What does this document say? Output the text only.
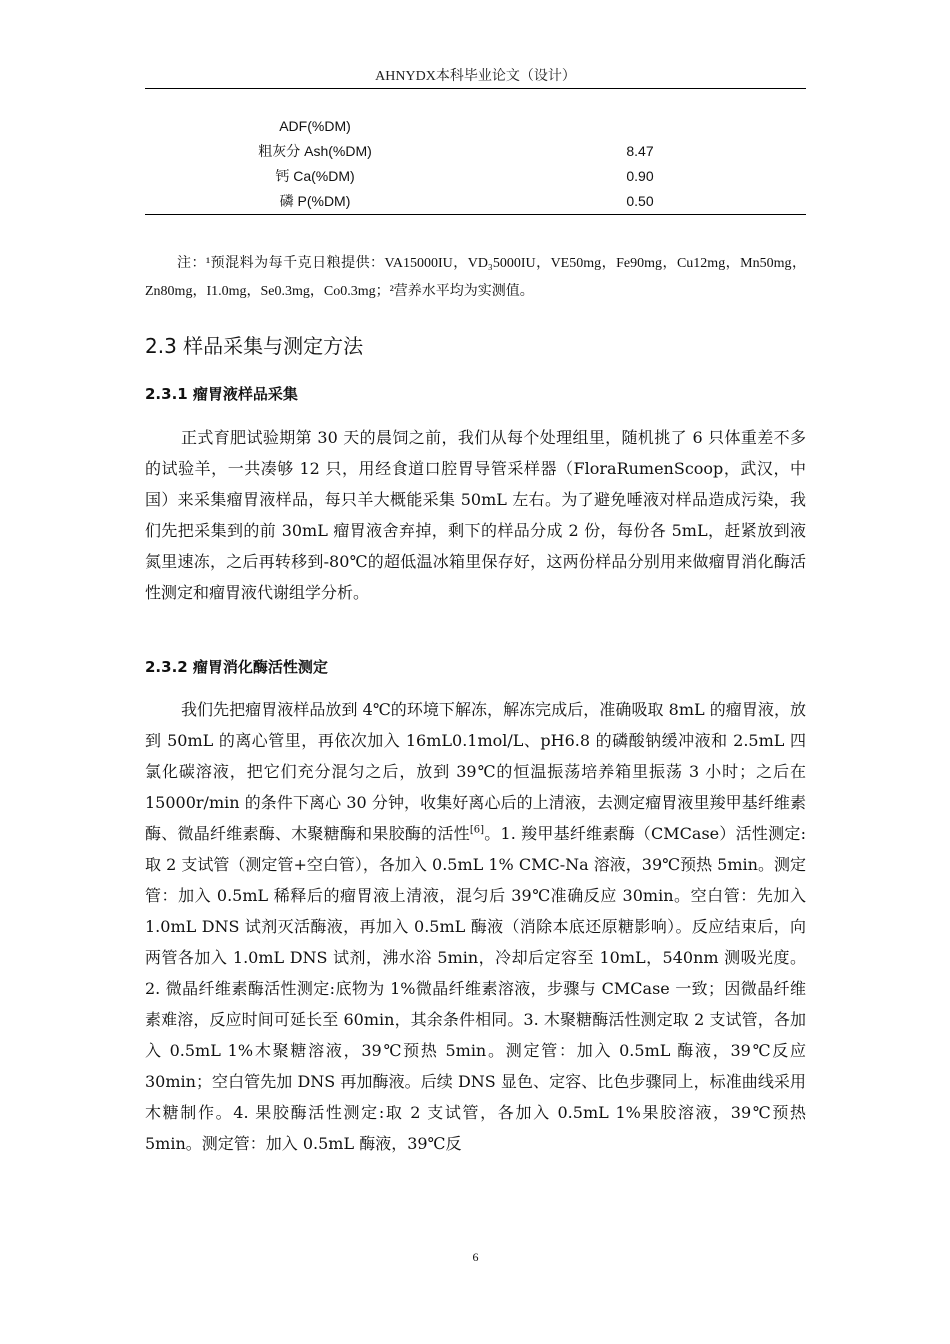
AHNYDX本科毕业论文（设计）
ADF(%DM)
粗灰分 Ash(%DM)	8.47
钙 Ca(%DM)	0.90
磷 P(%DM)	0.50
注：¹预混料为每千克日粮提供：VA15000IU，VD₃5000IU，VE50mg，Fe90mg，Cu12mg，Mn50mg，Zn80mg，I1.0mg，Se0.3mg，Co0.3mg；²营养水平均为实测值。
2.3 样品采集与测定方法
2.3.1 瘤胃液样品采集

正式育肥试验期第 30 天的晨饲之前，我们从每个处理组里，随机挑了 6 只体重差不多的试验羊，一共凑够 12 只，用经食道口腔胃导管采样器（FloraRumenScoop，武汉，中国）来采集瘤胃液样品，每只羊大概能采集 50mL 左右。为了避免唾液对样品造成污染，我们先把采集到的前 30mL 瘤胃液舍弃掉，剩下的样品分成 2 份，每份各 5mL，赶紧放到液氮里速冻，之后再转移到-80℃的超低温冰箱里保存好，这两份样品分别用来做瘤胃消化酶活性测定和瘤胃液代谢组学分析。

2.3.2 瘤胃消化酶活性测定

我们先把瘤胃液样品放到 4℃的环境下解冻，解冻完成后，准确吸取 8mL 的瘤胃液，放到 50mL 的离心管里，再依次加入 16mL0.1mol/L、pH6.8 的磷酸钠缓冲液和 2.5mL 四氯化碳溶液，把它们充分混匀之后，放到 39℃的恒温振荡培养箱里振荡 3 小时；之后在 15000r/min 的条件下离心 30 分钟，收集好离心后的上清液，去测定瘤胃液里羧甲基纤维素酶、微晶纤维素酶、木聚糖酶和果胶酶的活性[6]。1. 羧甲基纤维素酶（CMCase）活性测定:取 2 支试管（测定管+空白管），各加入 0.5mL 1% CMC-Na 溶液，39℃预热 5min。测定管：加入 0.5mL 稀释后的瘤胃液上清液，混匀后 39℃准确反应 30min。空白管：先加入 1.0mL DNS 试剂灭活酶液，再加入 0.5mL 酶液（消除本底还原糖影响）。反应结束后，向两管各加入 1.0mL DNS 试剂，沸水浴 5min，冷却后定容至 10mL，540nm 测吸光度。2. 微晶纤维素酶活性测定:底物为 1%微晶纤维素溶液，步骤与 CMCase 一致；因微晶纤维素难溶，反应时间可延长至 60min，其余条件相同。3. 木聚糖酶活性测定取 2 支试管，各加入 0.5mL 1%木聚糖溶液，39℃预热 5min。测定管：加入 0.5mL 酶液，39℃反应 30min；空白管先加 DNS 再加酶液。后续 DNS 显色、定容、比色步骤同上，标准曲线采用木糖制作。4. 果胶酶活性测定:取 2 支试管，各加入 0.5mL 1%果胶溶液，39℃预热 5min。测定管：加入 0.5mL 酶液，39℃反

6
